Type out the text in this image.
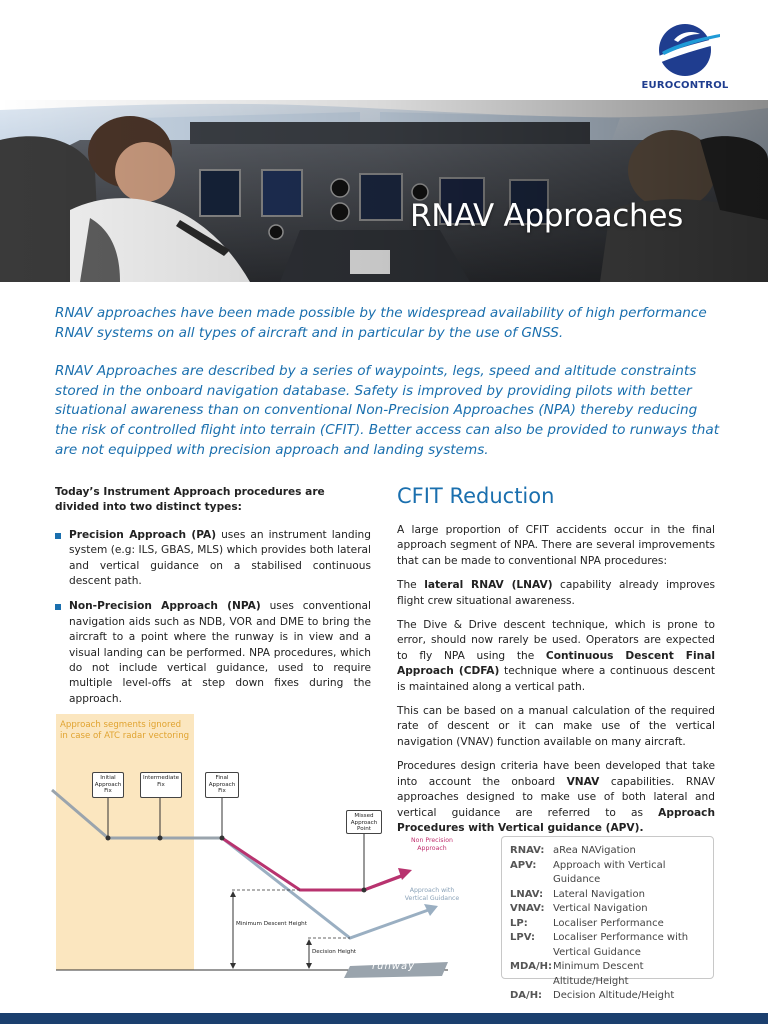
EUROCONTROL
RNAV Approaches

RNAV approaches have been made possible by the widespread availability of high performance RNAV systems on all types of aircraft and in particular by the use of GNSS.

RNAV Approaches are described by a series of waypoints, legs, speed and altitude constraints stored in the onboard navigation database. Safety is improved by providing pilots with better situational awareness than on conventional Non-Precision Approaches (NPA) thereby reducing the risk of controlled flight into terrain (CFIT). Better access can also be provided to runways that are not equipped with precision approach and landing systems.

Today’s Instrument Approach procedures are divided into two distinct types:

Precision Approach (PA) uses an instrument landing system (e.g: ILS, GBAS, MLS) which provides both lateral and vertical guidance on a stabilised continuous descent path.
Non-Precision Approach (NPA) uses conventional navigation aids such as NDB, VOR and DME to bring the aircraft to a point where the runway is in view and a visual landing can be performed. NPA procedures, which do not include vertical guidance, used to require multiple level-offs at step down fixes during the approach.
CFIT Reduction

A large proportion of CFIT accidents occur in the final approach segment of NPA. There are several improvements that can be made to conventional NPA procedures:

The lateral RNAV (LNAV) capability already improves flight crew situational awareness.

The Dive & Drive descent technique, which is prone to error, should now rarely be used. Operators are expected to fly NPA using the Continuous Descent Final Approach (CDFA) technique where a continuous descent is maintained along a vertical path.

This can be based on a manual calculation of the required rate of descent or it can make use of the vertical navigation (VNAV) function available on many aircraft.

Procedures design criteria have been developed that take into account the onboard VNAV capabilities. RNAV approaches designed to make use of both lateral and vertical guidance are referred to as Approach Procedures with Vertical guidance (APV).

Approach segments ignored in case of ATC radar vectoring
Initial Approach Fix
Intermediate Fix
Final Approach Fix
Missed Approach Point
Non Precision Approach
Approach with Vertical Guidance
Minimum Descent Height
Decision Height
runway
RNAV: aRea NAVigation
APV:	Approach with Vertical Guidance
LNAV: Lateral Navigation
VNAV: Vertical Navigation
LP:	Localiser Performance
LPV:	Localiser Performance with Vertical Guidance
MDA/H: Minimum Descent Altitude/Height
DA/H:	Decision Altitude/Height
